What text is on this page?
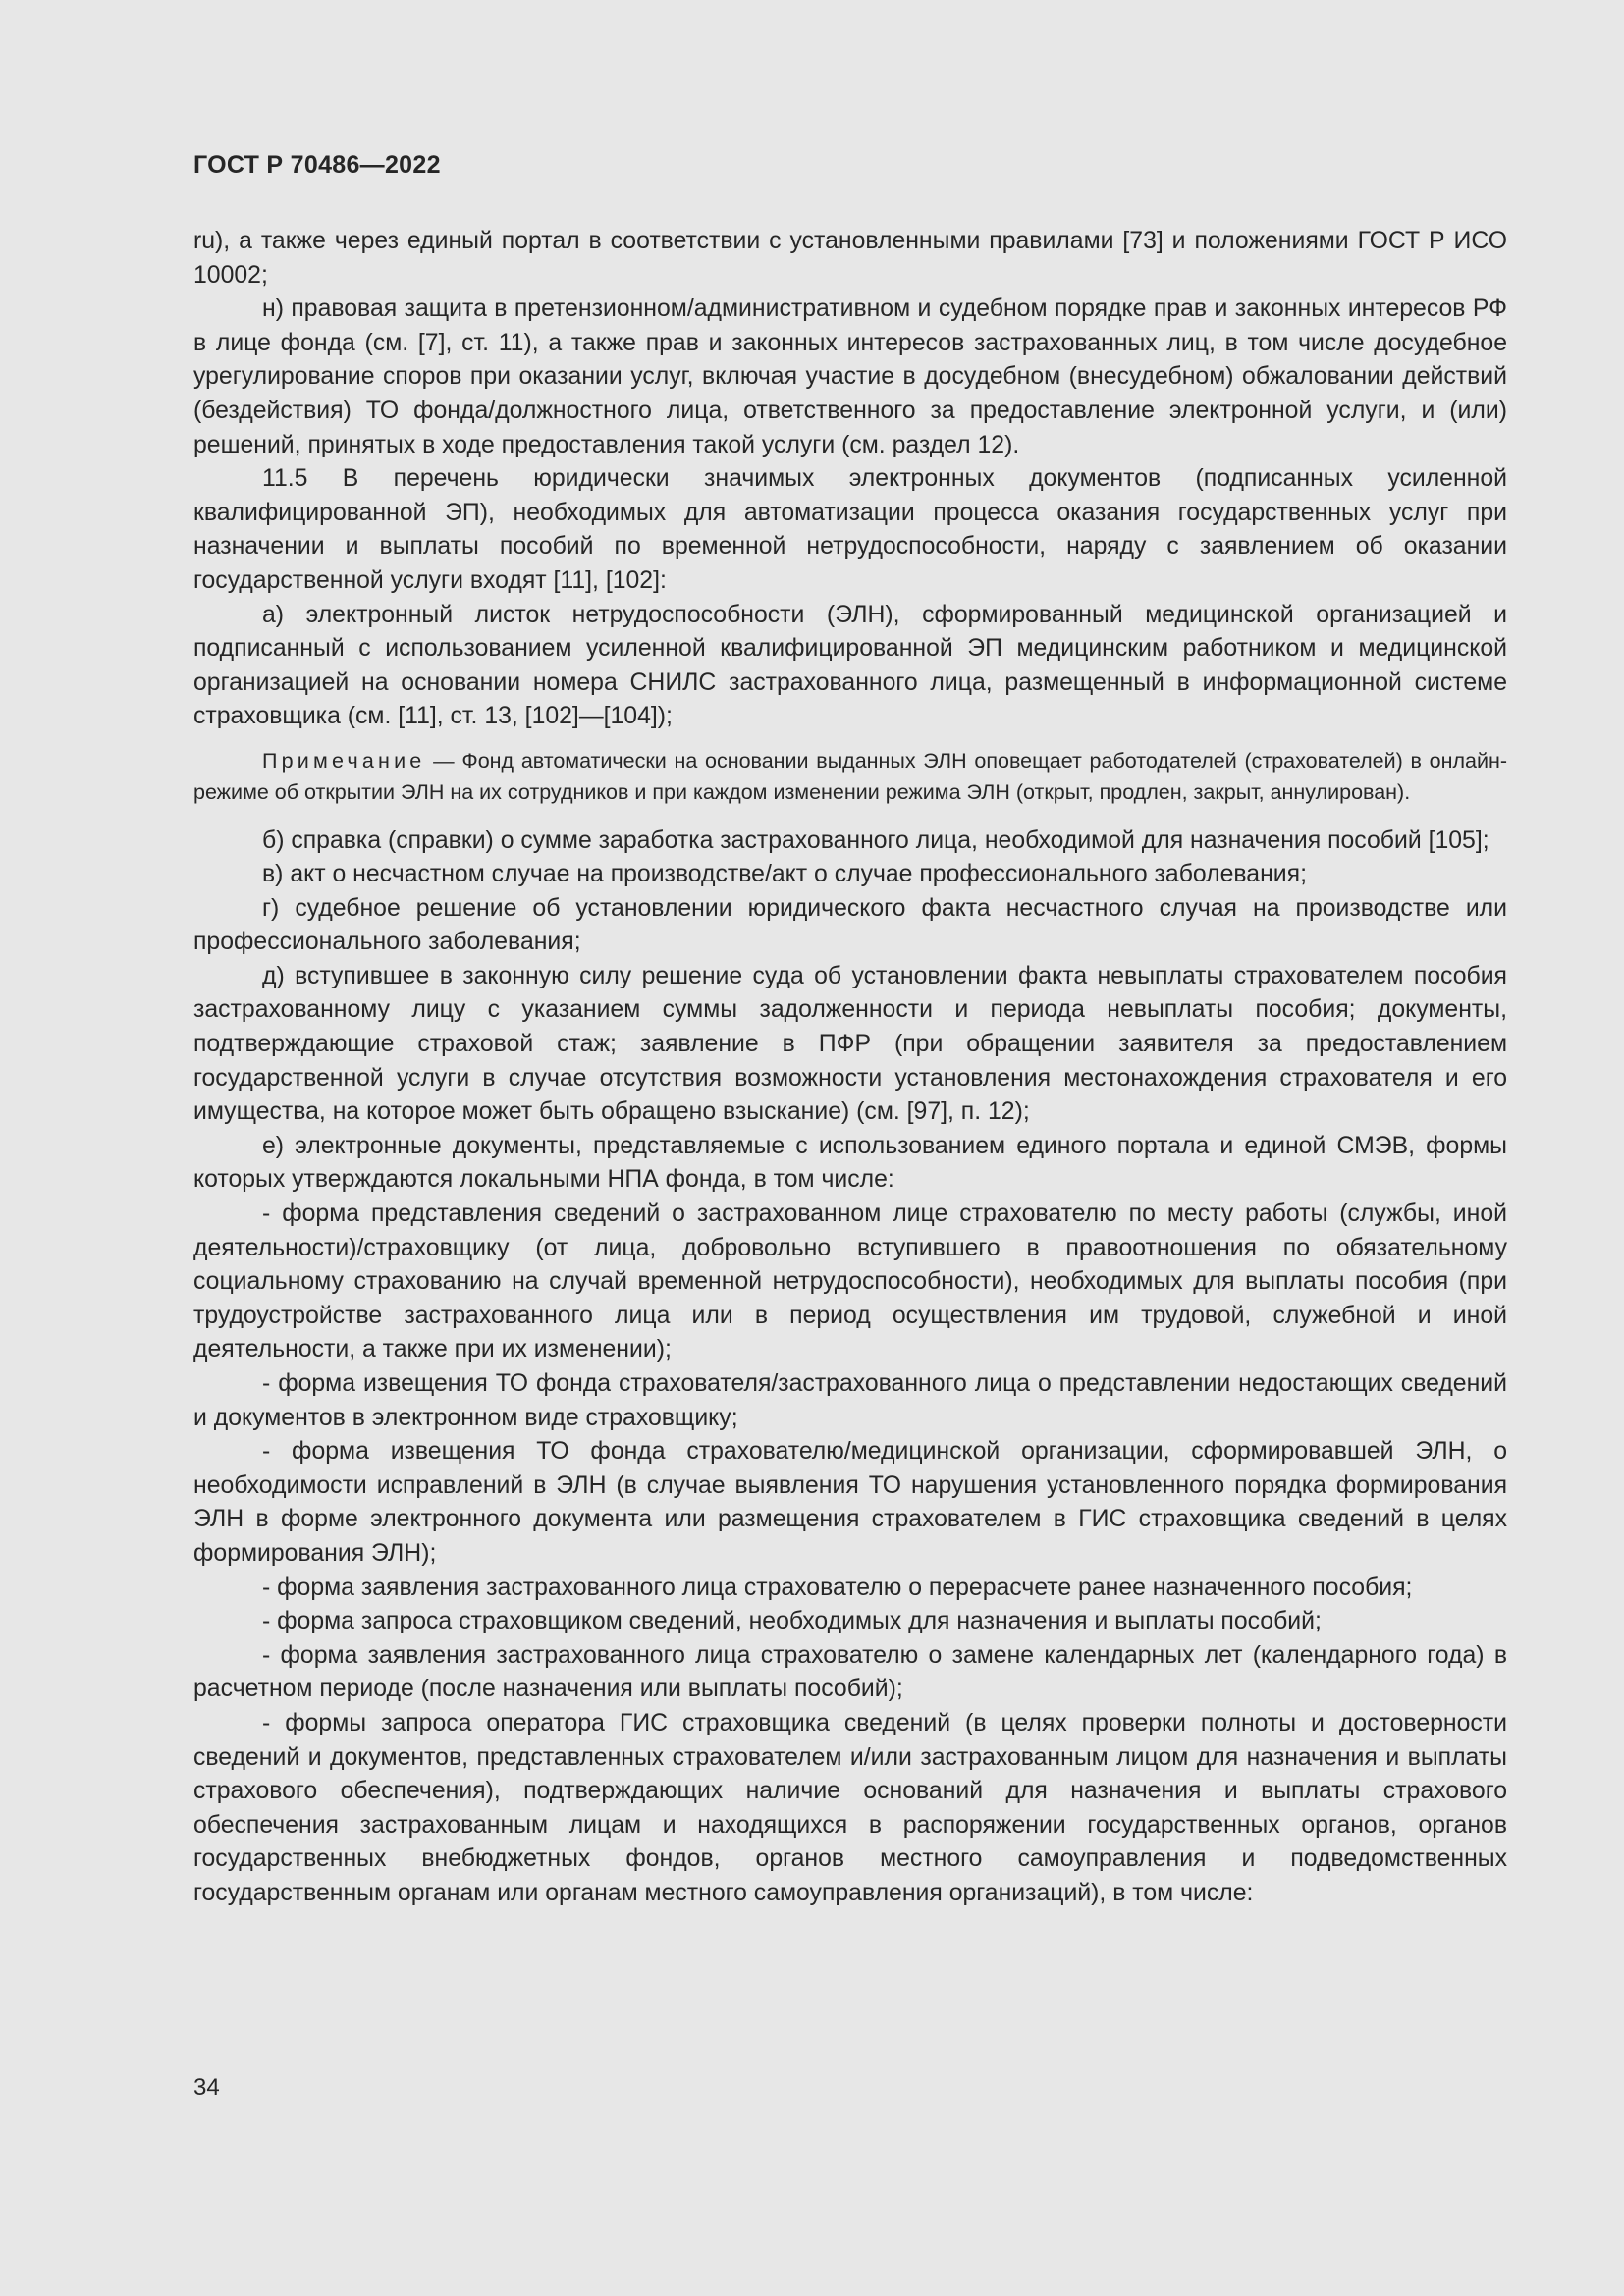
ГОСТ Р 70486—2022

ru), а также через единый портал в соответствии с установленными правилами [73] и положениями ГОСТ Р ИСО 10002;

н) правовая защита в претензионном/административном и судебном порядке прав и законных интересов РФ в лице фонда (см. [7], ст. 11), а также прав и законных интересов застрахованных лиц, в том числе досудебное урегулирование споров при оказании услуг, включая участие в досудебном (внесудебном) обжаловании действий (бездействия) ТО фонда/должностного лица, ответственного за предоставление электронной услуги, и (или) решений, принятых в ходе предоставления такой услуги (см. раздел 12).

11.5 В перечень юридически значимых электронных документов (подписанных усиленной квалифицированной ЭП), необходимых для автоматизации процесса оказания государственных услуг при назначении и выплаты пособий по временной нетрудоспособности, наряду с заявлением об оказании государственной услуги входят [11], [102]:

а) электронный листок нетрудоспособности (ЭЛН), сформированный медицинской организацией и подписанный с использованием усиленной квалифицированной ЭП медицинским работником и медицинской организацией на основании номера СНИЛС застрахованного лица, размещенный в информационной системе страховщика (см. [11], ст. 13, [102]—[104]);

Примечание — Фонд автоматически на основании выданных ЭЛН оповещает работодателей (страхователей) в онлайн-режиме об открытии ЭЛН на их сотрудников и при каждом изменении режима ЭЛН (открыт, продлен, закрыт, аннулирован).

б) справка (справки) о сумме заработка застрахованного лица, необходимой для назначения пособий [105];

в) акт о несчастном случае на производстве/акт о случае профессионального заболевания;

г) судебное решение об установлении юридического факта несчастного случая на производстве или профессионального заболевания;

д) вступившее в законную силу решение суда об установлении факта невыплаты страхователем пособия застрахованному лицу с указанием суммы задолженности и периода невыплаты пособия; документы, подтверждающие страховой стаж; заявление в ПФР (при обращении заявителя за предоставлением государственной услуги в случае отсутствия возможности установления местонахождения страхователя и его имущества, на которое может быть обращено взыскание) (см. [97], п. 12);

е) электронные документы, представляемые с использованием единого портала и единой СМЭВ, формы которых утверждаются локальными НПА фонда, в том числе:

- форма представления сведений о застрахованном лице страхователю по месту работы (службы, иной деятельности)/страховщику (от лица, добровольно вступившего в правоотношения по обязательному социальному страхованию на случай временной нетрудоспособности), необходимых для выплаты пособия (при трудоустройстве застрахованного лица или в период осуществления им трудовой, служебной и иной деятельности, а также при их изменении);

- форма извещения ТО фонда страхователя/застрахованного лица о представлении недостающих сведений и документов в электронном виде страховщику;

- форма извещения ТО фонда страхователю/медицинской организации, сформировавшей ЭЛН, о необходимости исправлений в ЭЛН (в случае выявления ТО нарушения установленного порядка формирования ЭЛН в форме электронного документа или размещения страхователем в ГИС страховщика сведений в целях формирования ЭЛН);

- форма заявления застрахованного лица страхователю о перерасчете ранее назначенного пособия;

- форма запроса страховщиком сведений, необходимых для назначения и выплаты пособий;

- форма заявления застрахованного лица страхователю о замене календарных лет (календарного года) в расчетном периоде (после назначения или выплаты пособий);

- формы запроса оператора ГИС страховщика сведений (в целях проверки полноты и достоверности сведений и документов, представленных страхователем и/или застрахованным лицом для назначения и выплаты страхового обеспечения), подтверждающих наличие оснований для назначения и выплаты страхового обеспечения застрахованным лицам и находящихся в распоряжении государственных органов, органов государственных внебюджетных фондов, органов местного самоуправления и подведомственных государственным органам или органам местного самоуправления организаций), в том числе:

34
